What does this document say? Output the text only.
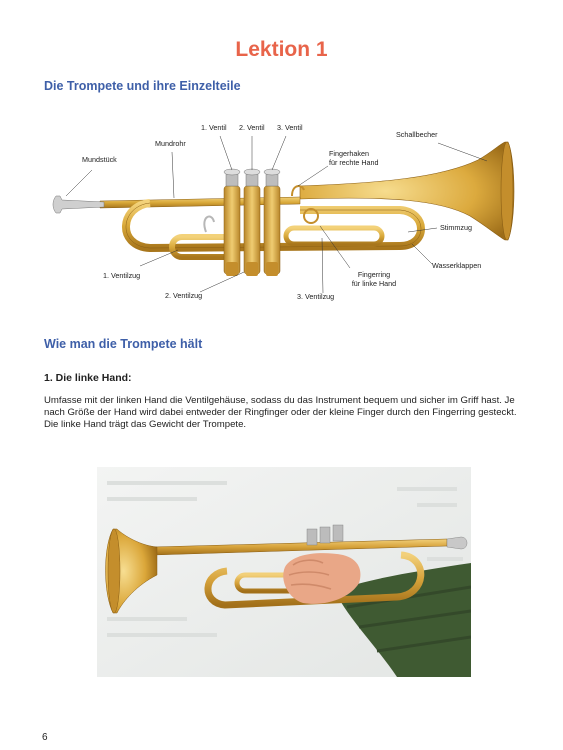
Lektion 1
Die Trompete und ihre Einzelteile
1. Ventil 2. Ventil 3. Ventil
Schallbecher
Mundrohr
Mundstück
Fingerhaken
für rechte Hand
Stimmzug
Wasserklappen
1. Ventilzug	Fingerring
für linke Hand
2. Ventilzug	3. Ventilzug
Wie man die Trompete hält
1. Die linke Hand:
Umfasse mit der linken Hand die Ventilgehäuse, sodass du das Instrument bequem und sicher im Griff hast. Je
nach Größe der Hand wird dabei entweder der Ringfinger oder der kleine Finger durch den Fingerring gesteckt.
Die linke Hand trägt das Gewicht der Trompete.
6
